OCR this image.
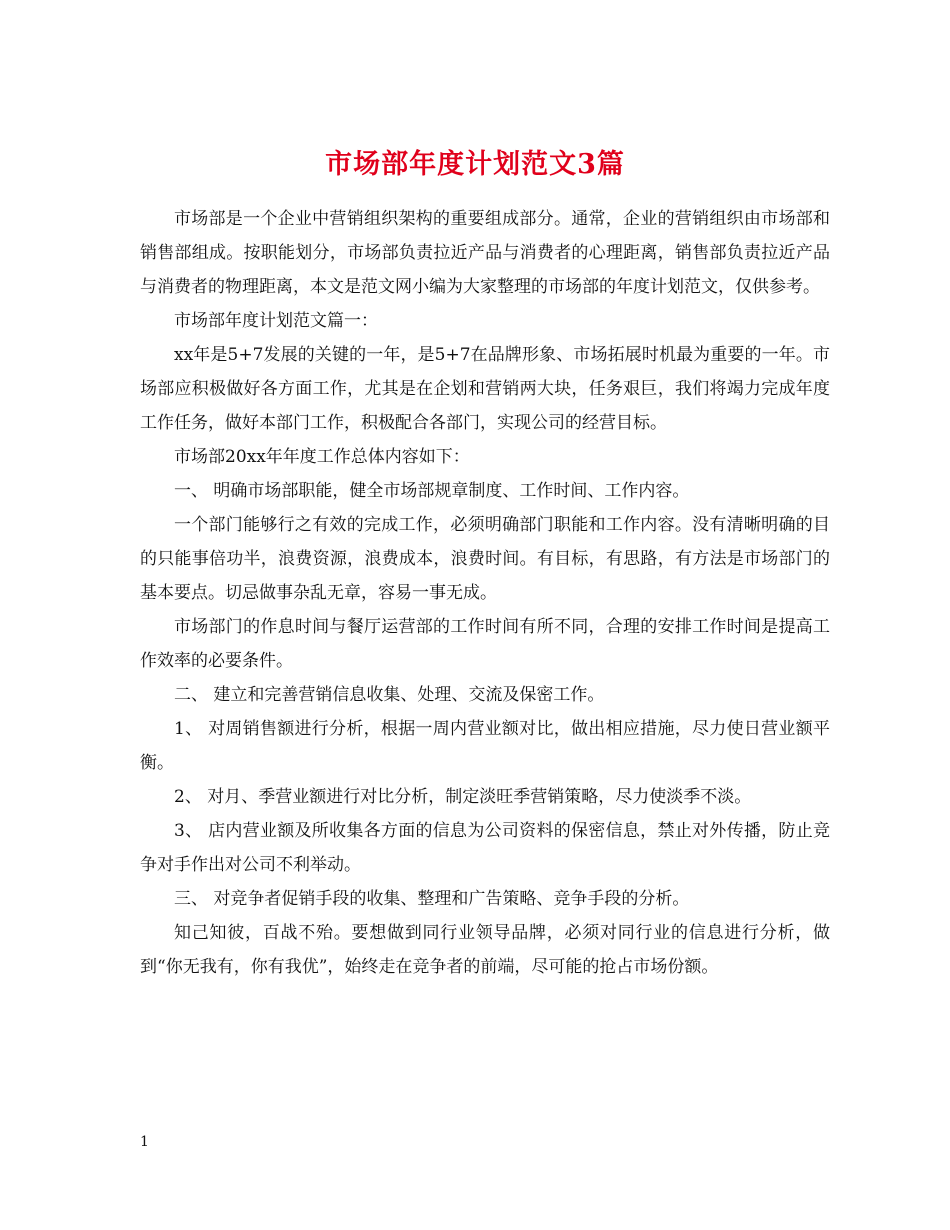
市场部年度计划范文3篇

市场部是一个企业中营销组织架构的重要组成部分。通常，企业的营销组织由市场部和销售部组成。按职能划分，市场部负责拉近产品与消费者的心理距离，销售部负责拉近产品与消费者的物理距离，本文是范文网小编为大家整理的市场部的年度计划范文，仅供参考。

市场部年度计划范文篇一：

xx年是5+7发展的关键的一年，是5+7在品牌形象、市场拓展时机最为重要的一年。市场部应积极做好各方面工作，尤其是在企划和营销两大块，任务艰巨，我们将竭力完成年度工作任务，做好本部门工作，积极配合各部门，实现公司的经营目标。

市场部20xx年年度工作总体内容如下：

一、 明确市场部职能，健全市场部规章制度、工作时间、工作内容。

一个部门能够行之有效的完成工作，必须明确部门职能和工作内容。没有清晰明确的目的只能事倍功半，浪费资源，浪费成本，浪费时间。有目标，有思路，有方法是市场部门的基本要点。切忌做事杂乱无章，容易一事无成。

市场部门的作息时间与餐厅运营部的工作时间有所不同，合理的安排工作时间是提高工作效率的必要条件。

二、 建立和完善营销信息收集、处理、交流及保密工作。

1、 对周销售额进行分析，根据一周内营业额对比，做出相应措施，尽力使日营业额平衡。

2、 对月、季营业额进行对比分析，制定淡旺季营销策略，尽力使淡季不淡。

3、 店内营业额及所收集各方面的信息为公司资料的保密信息，禁止对外传播，防止竞争对手作出对公司不利举动。

三、 对竞争者促销手段的收集、整理和广告策略、竞争手段的分析。

知己知彼，百战不殆。要想做到同行业领导品牌，必须对同行业的信息进行分析，做到“你无我有，你有我优”，始终走在竞争者的前端，尽可能的抢占市场份额。

1
